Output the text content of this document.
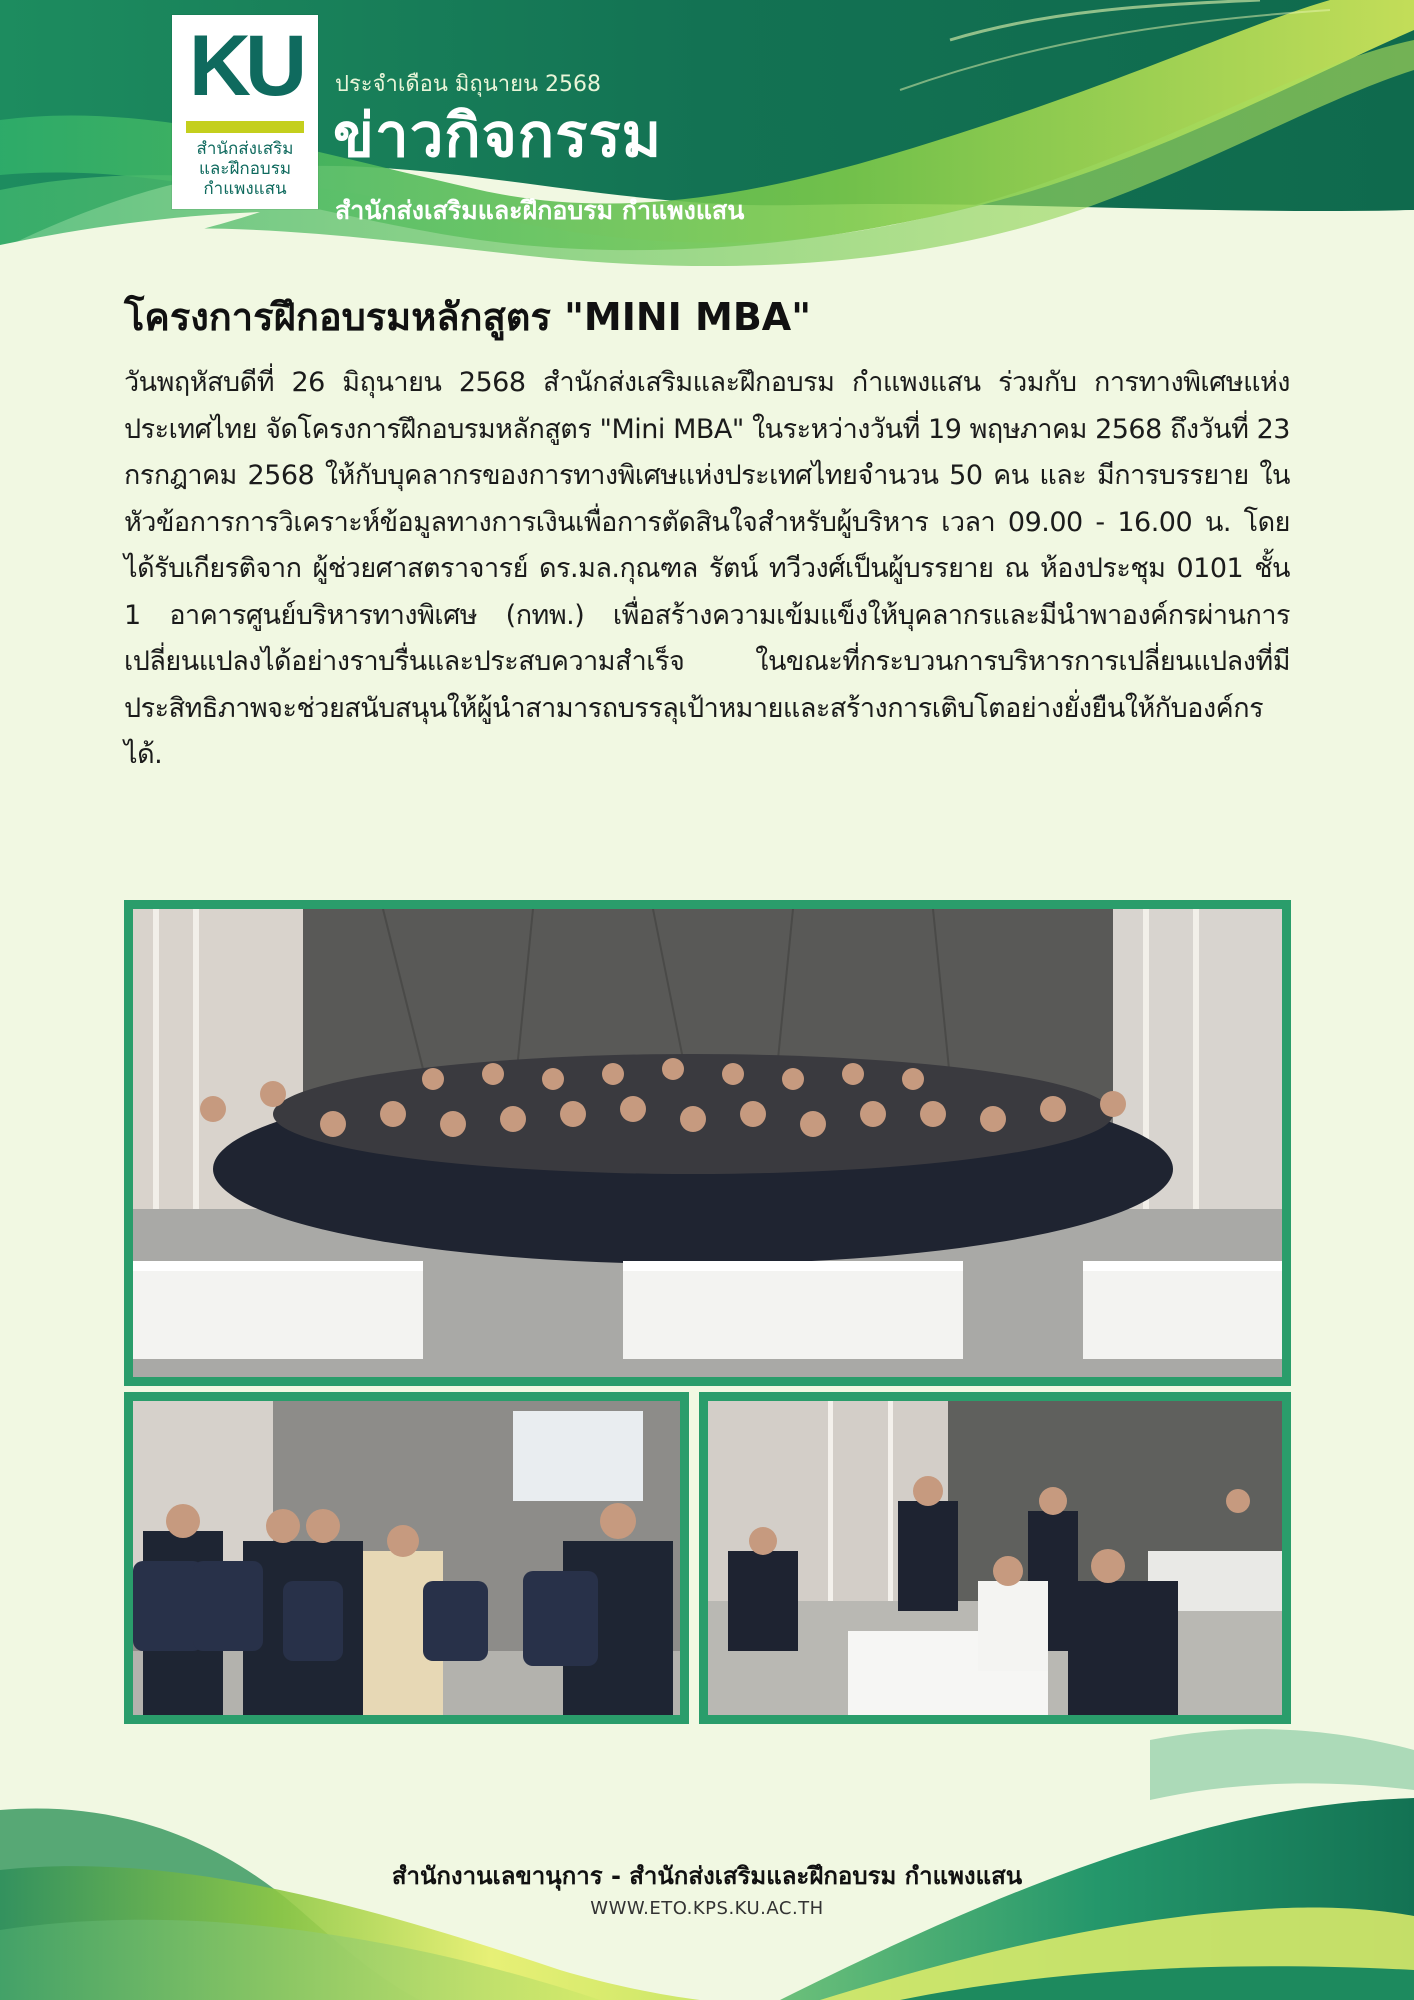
KU
สำนักส่งเสริม
และฝึกอบรม
กำแพงแสน
ประจำเดือน มิถุนายน 2568
ข่าวกิจกรรม
สำนักส่งเสริมและฝึกอบรม กำแพงแสน
โครงการฝึกอบรมหลักสูตร "MINI MBA"

วันพฤหัสบดีที่ 26 มิถุนายน 2568 สำนักส่งเสริมและฝึกอบรม กำแพงแสน ร่วมกับ การทางพิเศษแห่งประเทศไทย จัดโครงการฝึกอบรมหลักสูตร "Mini MBA" ในระหว่างวันที่ 19 พฤษภาคม 2568 ถึงวันที่ 23 กรกฎาคม 2568 ให้กับบุคลากรของการทางพิเศษแห่งประเทศไทยจำนวน 50 คน และ มีการบรรยาย ในหัวข้อการการวิเคราะห์ข้อมูลทางการเงินเพื่อการตัดสินใจสำหรับผู้บริหาร เวลา 09.00 - 16.00 น. โดยได้รับเกียรติจาก ผู้ช่วยศาสตราจารย์ ดร.มล.กุณฑล รัตน์ ทวีวงศ์เป็นผู้บรรยาย ณ ห้องประชุม 0101 ชั้น 1 อาคารศูนย์บริหารทางพิเศษ (กทพ.) เพื่อสร้างความเข้มแข็งให้บุคลากรและมีนำพาองค์กรผ่านการเปลี่ยนแปลงได้อย่างราบรื่นและประสบความสำเร็จ ในขณะที่กระบวนการบริหารการเปลี่ยนแปลงที่มีประสิทธิภาพจะช่วยสนับสนุนให้ผู้นำสามารถบรรลุเป้าหมายและสร้างการเติบโตอย่างยั่งยืนให้กับองค์กรได้.

สำนักงานเลขานุการ - สำนักส่งเสริมและฝึกอบรม กำแพงแสน
WWW.ETO.KPS.KU.AC.TH
